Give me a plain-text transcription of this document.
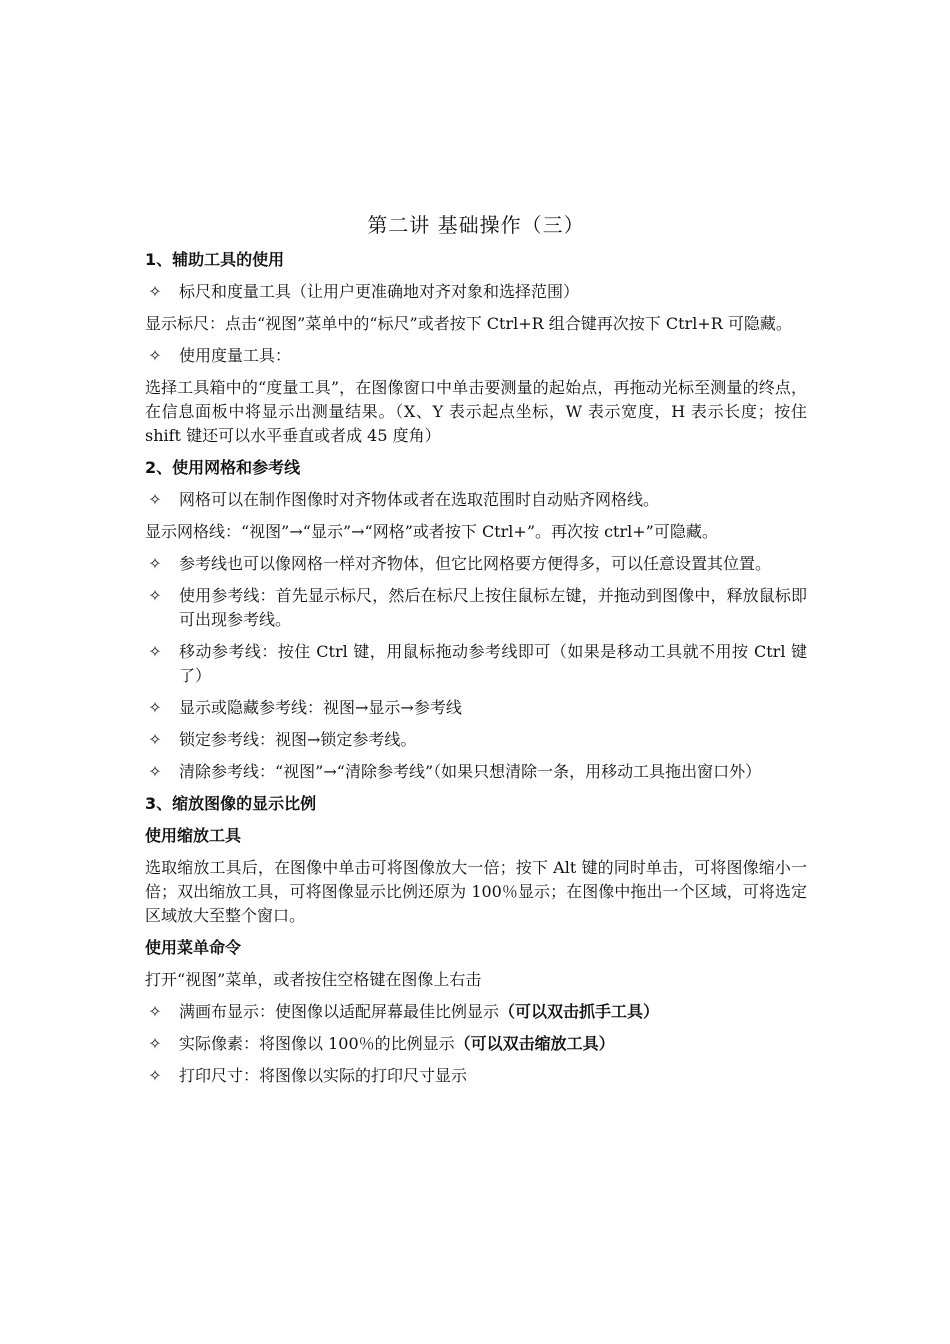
第二讲 基础操作（三）
1、辅助工具的使用
✧ 标尺和度量工具（让用户更准确地对齐对象和选择范围）
显示标尺：点击“视图”菜单中的“标尺”或者按下 Ctrl+R 组合键再次按下 Ctrl+R 可隐藏。
✧ 使用度量工具：
选择工具箱中的“度量工具”，在图像窗口中单击要测量的起始点，再拖动光标至测量的终点，在信息面板中将显示出测量结果。（X、Y 表示起点坐标，W 表示宽度，H 表示长度；按住 shift 键还可以水平垂直或者成 45 度角）
2、使用网格和参考线
✧ 网格可以在制作图像时对齐物体或者在选取范围时自动贴齐网格线。
显示网格线：“视图”→“显示”→“网格”或者按下 Ctrl+”。再次按 ctrl+”可隐藏。
✧ 参考线也可以像网格一样对齐物体，但它比网格要方便得多，可以任意设置其位置。
✧ 使用参考线：首先显示标尺，然后在标尺上按住鼠标左键，并拖动到图像中，释放鼠标即可出现参考线。
✧ 移动参考线：按住 Ctrl 键，用鼠标拖动参考线即可（如果是移动工具就不用按 Ctrl 键了）
✧ 显示或隐藏参考线：视图→显示→参考线
✧ 锁定参考线：视图→锁定参考线。
✧ 清除参考线：“视图”→“清除参考线”（如果只想清除一条，用移动工具拖出窗口外）
3、缩放图像的显示比例
使用缩放工具
选取缩放工具后，在图像中单击可将图像放大一倍；按下 Alt 键的同时单击，可将图像缩小一倍；双出缩放工具，可将图像显示比例还原为 100％显示；在图像中拖出一个区域，可将选定区域放大至整个窗口。
使用菜单命令
打开“视图”菜单，或者按住空格键在图像上右击
✧ 满画布显示：使图像以适配屏幕最佳比例显示（可以双击抓手工具）
✧ 实际像素：将图像以 100％的比例显示（可以双击缩放工具）
✧ 打印尺寸：将图像以实际的打印尺寸显示
